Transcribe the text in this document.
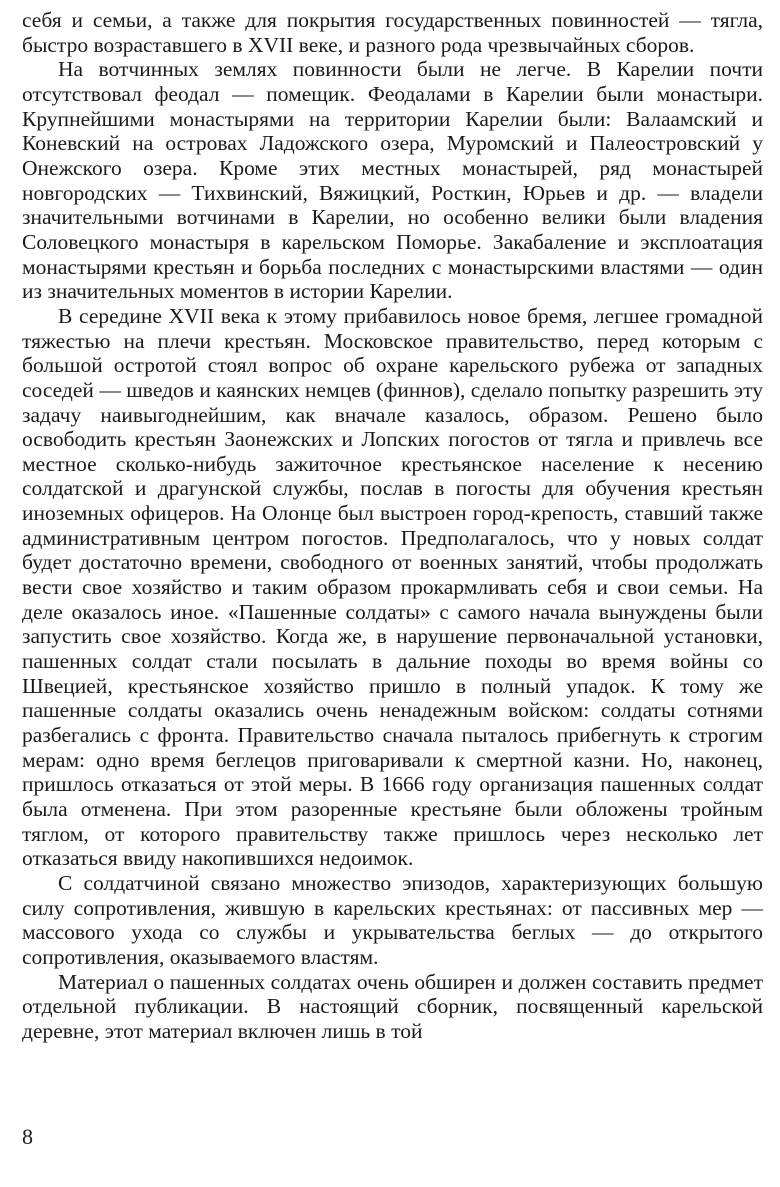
себя и семьи, а также для покрытия государственных повинностей — тягла, быстро возраставшего в XVII веке, и разного рода чрезвычайных сборов.

На вотчинных землях повинности были не легче. В Карелии почти отсутствовал феодал — помещик. Феодалами в Карелии были монастыри. Крупнейшими монастырями на территории Карелии были: Валаамский и Коневский на островах Ладожского озера, Муромский и Палеостровский у Онежского озера. Кроме этих местных монастырей, ряд монастырей новгородских — Тихвинский, Вяжицкий, Росткин, Юрьев и др. — владели значительными вотчинами в Карелии, но особенно велики были владения Соловецкого монастыря в карельском Поморье. Закабаление и эксплоатация монастырями крестьян и борьба последних с монастырскими властями — один из значительных моментов в истории Карелии.

В середине XVII века к этому прибавилось новое бремя, легшее громадной тяжестью на плечи крестьян. Московское правительство, перед которым с большой остротой стоял вопрос об охране карельского рубежа от западных соседей — шведов и каянских немцев (финнов), сделало попытку разрешить эту задачу наивыгоднейшим, как вначале казалось, образом. Решено было освободить крестьян Заонежских и Лопских погостов от тягла и привлечь все местное сколько-нибудь зажиточное крестьянское население к несению солдатской и драгунской службы, послав в погосты для обучения крестьян иноземных офицеров. На Олонце был выстроен город-крепость, ставший также административным центром погостов. Предполагалось, что у новых солдат будет достаточно времени, свободного от военных занятий, чтобы продолжать вести свое хозяйство и таким образом прокармливать себя и свои семьи. На деле оказалось иное. «Пашенные солдаты» с самого начала вынуждены были запустить свое хозяйство. Когда же, в нарушение первоначальной установки, пашенных солдат стали посылать в дальние походы во время войны со Швецией, крестьянское хозяйство пришло в полный упадок. К тому же пашенные солдаты оказались очень ненадежным войском: солдаты сотнями разбегались с фронта. Правительство сначала пыталось прибегнуть к строгим мерам: одно время беглецов приговаривали к смертной казни. Но, наконец, пришлось отказаться от этой меры. В 1666 году организация пашенных солдат была отменена. При этом разоренные крестьяне были обложены тройным тяглом, от которого правительству также пришлось через несколько лет отказаться ввиду накопившихся недоимок.

С солдатчиной связано множество эпизодов, характеризующих большую силу сопротивления, жившую в карельских крестьянах: от пассивных мер — массового ухода со службы и укрывательства беглых — до открытого сопротивления, оказываемого властям.

Материал о пашенных солдатах очень обширен и должен составить предмет отдельной публикации. В настоящий сборник, посвященный карельской деревне, этот материал включен лишь в той

8
